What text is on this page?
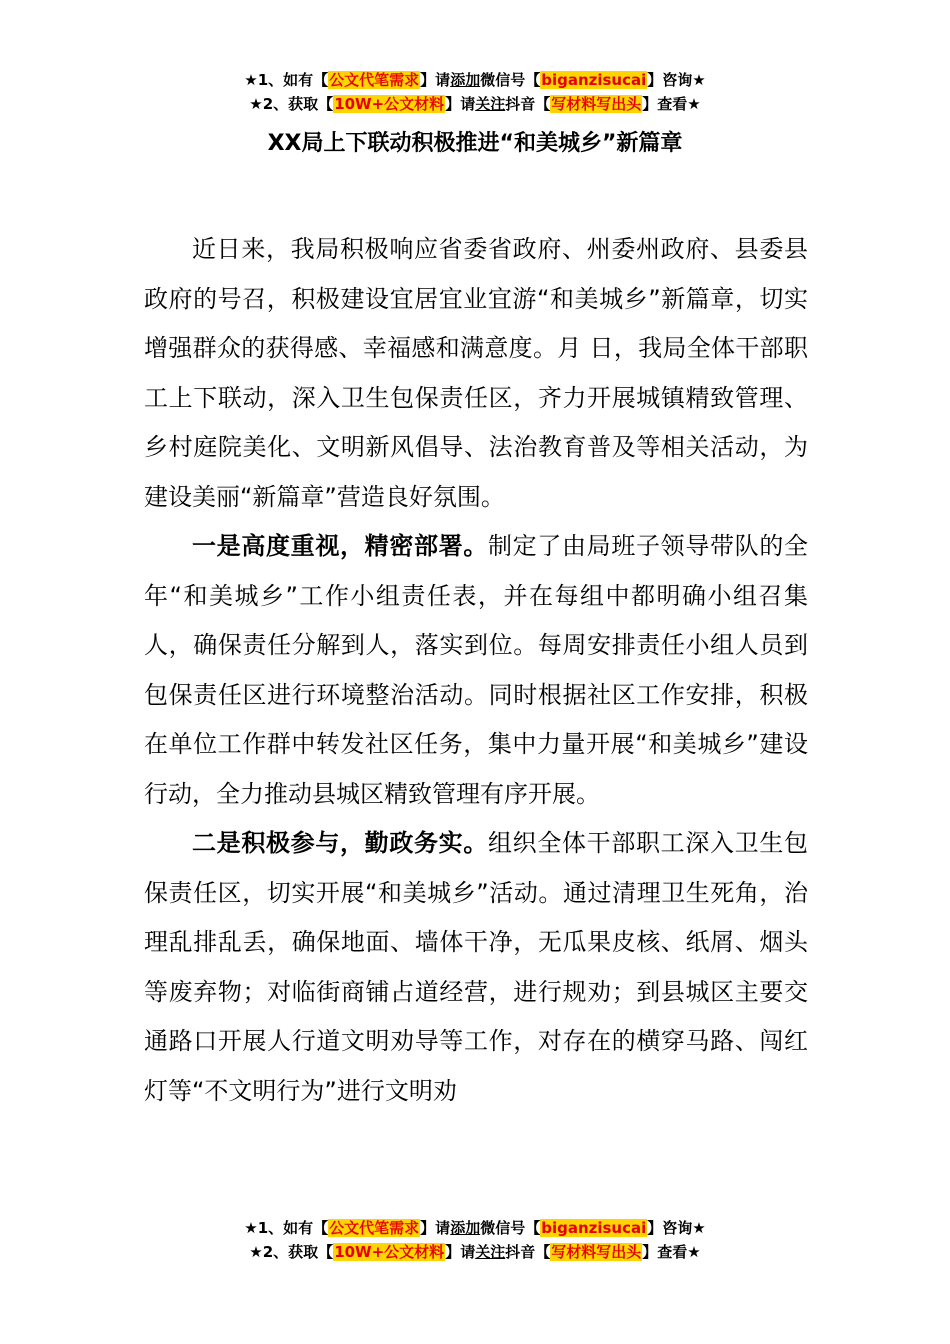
★1、如有【公文代笔需求】请添加微信号【biganzisucai】咨询★
★2、获取【10W+公文材料】请关注抖音【写材料写出头】查看★
XX局上下联动积极推进“和美城乡”新篇章

近日来，我局积极响应省委省政府、州委州政府、县委县政府的号召，积极建设宜居宜业宜游“和美城乡”新篇章，切实增强群众的获得感、幸福感和满意度。月 日，我局全体干部职工上下联动，深入卫生包保责任区，齐力开展城镇精致管理、乡村庭院美化、文明新风倡导、法治教育普及等相关活动，为建设美丽“新篇章”营造良好氛围。

一是高度重视，精密部署。制定了由局班子领导带队的全年“和美城乡”工作小组责任表，并在每组中都明确小组召集人，确保责任分解到人，落实到位。每周安排责任小组人员到包保责任区进行环境整治活动。同时根据社区工作安排，积极在单位工作群中转发社区任务，集中力量开展“和美城乡”建设行动，全力推动县城区精致管理有序开展。

二是积极参与，勤政务实。组织全体干部职工深入卫生包保责任区，切实开展“和美城乡”活动。通过清理卫生死角，治理乱排乱丢，确保地面、墙体干净，无瓜果皮核、纸屑、烟头等废弃物；对临街商铺占道经营，进行规劝；到县城区主要交通路口开展人行道文明劝导等工作，对存在的横穿马路、闯红灯等“不文明行为”进行文明劝

★1、如有【公文代笔需求】请添加微信号【biganzisucai】咨询★
★2、获取【10W+公文材料】请关注抖音【写材料写出头】查看★
